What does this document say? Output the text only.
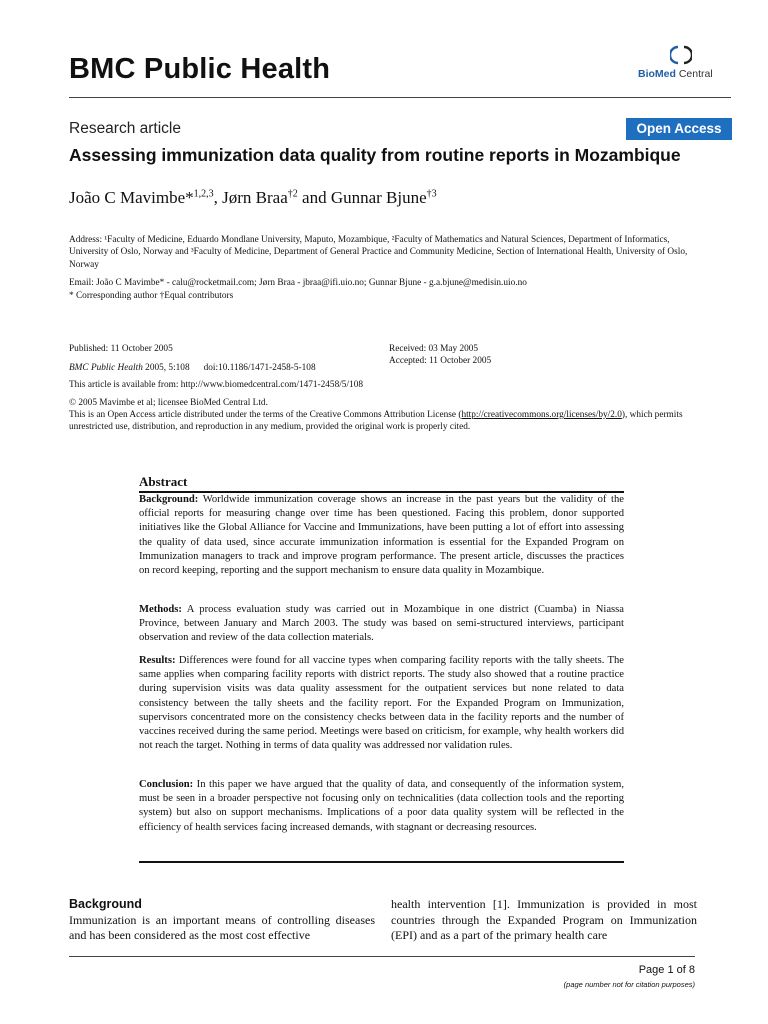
BMC Public Health	BioMed Central
Research article	Open Access
Assessing immunization data quality from routine reports in Mozambique
João C Mavimbe*$^{1,2,3}$, Jørn Braa$^{\dagger 2}$ and Gunnar Bjune$^{\dagger 3}$
Address: ¹Faculty of Medicine, Eduardo Mondlane University, Maputo, Mozambique, ²Faculty of Mathematics and Natural Sciences, Department of Informatics, University of Oslo, Norway and ³Faculty of Medicine, Department of General Practice and Community Medicine, Section of International Health, University of Oslo, Norway
Email: João C Mavimbe* - calu@rocketmail.com; Jørn Braa - jbraa@ifi.uio.no; Gunnar Bjune - g.a.bjune@medisin.uio.no
* Corresponding author †Equal contributors
Published: 11 October 2005
BMC Public Health 2005, 5:108 doi:10.1186/1471-2458-5-108
Received: 03 May 2005
Accepted: 11 October 2005
This article is available from: http://www.biomedcentral.com/1471-2458/5/108
© 2005 Mavimbe et al; licensee BioMed Central Ltd.
This is an Open Access article distributed under the terms of the Creative Commons Attribution License (http://creativecommons.org/licenses/by/2.0), which permits unrestricted use, distribution, and reproduction in any medium, provided the original work is properly cited.
Abstract
Background: Worldwide immunization coverage shows an increase in the past years but the validity of the official reports for measuring change over time has been questioned. Facing this problem, donor supported initiatives like the Global Alliance for Vaccine and Immunizations, have been putting a lot of effort into assessing the quality of data used, since accurate immunization information is essential for the Expanded Program on Immunization managers to track and improve program performance. The present article, discusses the practices on record keeping, reporting and the support mechanism to ensure data quality in Mozambique.
Methods: A process evaluation study was carried out in Mozambique in one district (Cuamba) in Niassa Province, between January and March 2003. The study was based on semi-structured interviews, participant observation and review of the data collection materials.
Results: Differences were found for all vaccine types when comparing facility reports with the tally sheets. The same applies when comparing facility reports with district reports. The study also showed that a routine practice during supervision visits was data quality assessment for the outpatient services but none related to data consistency between the tally sheets and the facility report. For the Expanded Program on Immunization, supervisors concentrated more on the consistency checks between data in the facility reports and the number of vaccines received during the same period. Meetings were based on criticism, for example, why health workers did not reach the target. Nothing in terms of data quality was addressed nor validation rules.
Conclusion: In this paper we have argued that the quality of data, and consequently of the information system, must be seen in a broader perspective not focusing only on technicalities (data collection tools and the reporting system) but also on support mechanisms. Implications of a poor data quality system will be reflected in the efficiency of health services facing increased demands, with stagnant or decreasing resources.
Background
Immunization is an important means of controlling diseases and has been considered as the most cost effective
health intervention [1]. Immunization is provided in most countries through the Expanded Program on Immunization (EPI) and as a part of the primary health care
Page 1 of 8
(page number not for citation purposes)
